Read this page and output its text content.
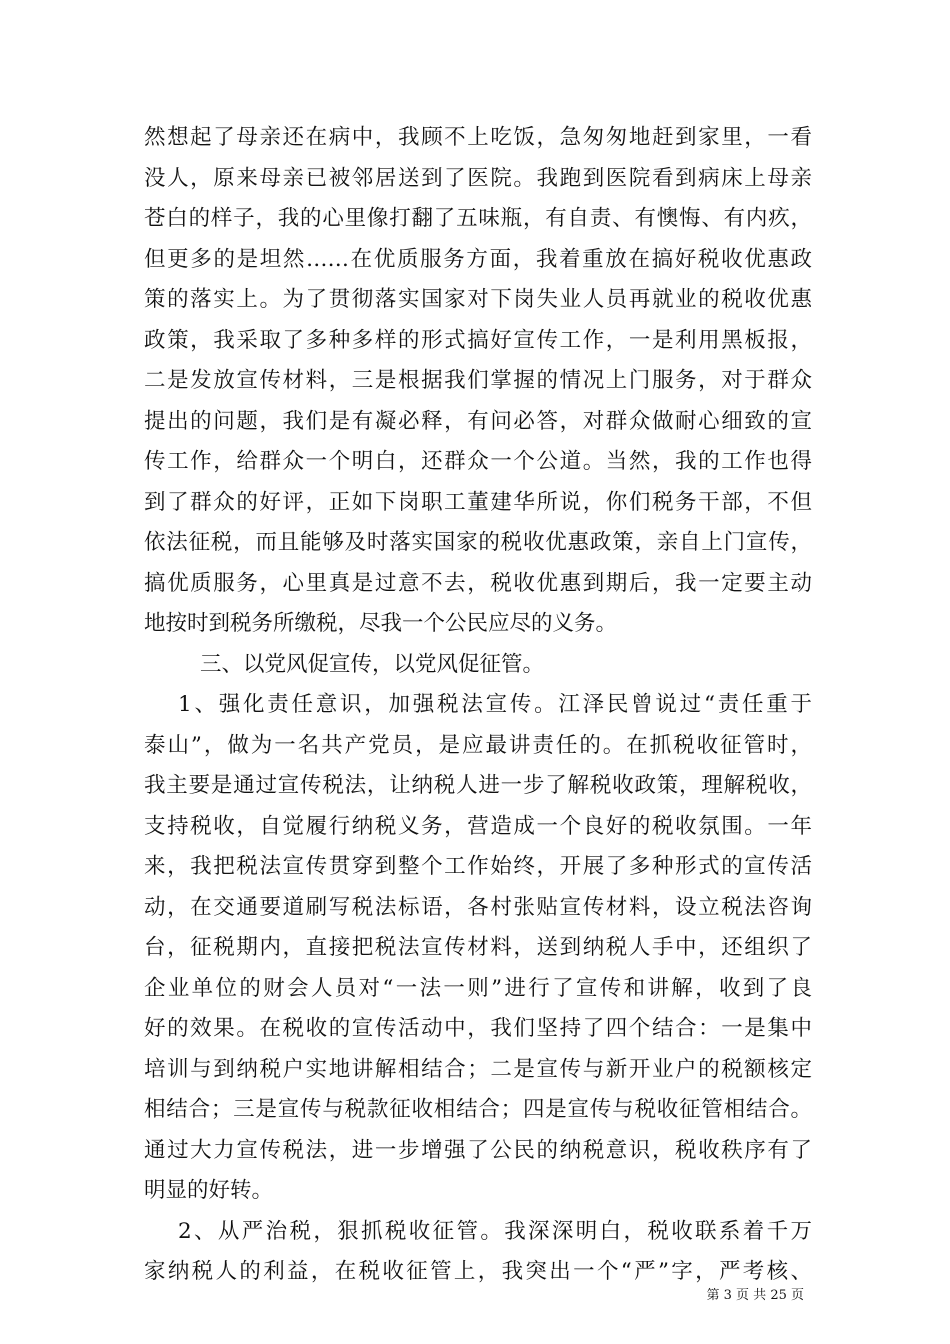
然想起了母亲还在病中，我顾不上吃饭，急匆匆地赶到家里，一看
没人，原来母亲已被邻居送到了医院。我跑到医院看到病床上母亲
苍白的样子，我的心里像打翻了五味瓶，有自责、有懊悔、有内疚，
但更多的是坦然……在优质服务方面，我着重放在搞好税收优惠政
策的落实上。为了贯彻落实国家对下岗失业人员再就业的税收优惠
政策，我采取了多种多样的形式搞好宣传工作，一是利用黑板报，
二是发放宣传材料，三是根据我们掌握的情况上门服务，对于群众
提出的问题，我们是有凝必释，有问必答，对群众做耐心细致的宣
传工作，给群众一个明白，还群众一个公道。当然，我的工作也得
到了群众的好评，正如下岗职工董建华所说，你们税务干部，不但
依法征税，而且能够及时落实国家的税收优惠政策，亲自上门宣传，
搞优质服务，心里真是过意不去，税收优惠到期后，我一定要主动
地按时到税务所缴税，尽我一个公民应尽的义务。
三、以党风促宣传，以党风促征管。
1、强化责任意识，加强税法宣传。江泽民曾说过“责任重于
泰山”，做为一名共产党员，是应最讲责任的。在抓税收征管时，
我主要是通过宣传税法，让纳税人进一步了解税收政策，理解税收，
支持税收，自觉履行纳税义务，营造成一个良好的税收氛围。一年
来，我把税法宣传贯穿到整个工作始终，开展了多种形式的宣传活
动，在交通要道刷写税法标语，各村张贴宣传材料，设立税法咨询
台，征税期内，直接把税法宣传材料，送到纳税人手中，还组织了
企业单位的财会人员对“一法一则”进行了宣传和讲解，收到了良
好的效果。在税收的宣传活动中，我们坚持了四个结合：一是集中
培训与到纳税户实地讲解相结合；二是宣传与新开业户的税额核定
相结合；三是宣传与税款征收相结合；四是宣传与税收征管相结合。
通过大力宣传税法，进一步增强了公民的纳税意识，税收秩序有了
明显的好转。
2、从严治税，狠抓税收征管。我深深明白，税收联系着千万
家纳税人的利益，在税收征管上，我突出一个“严”字，严考核、
第 3 页 共 25 页
